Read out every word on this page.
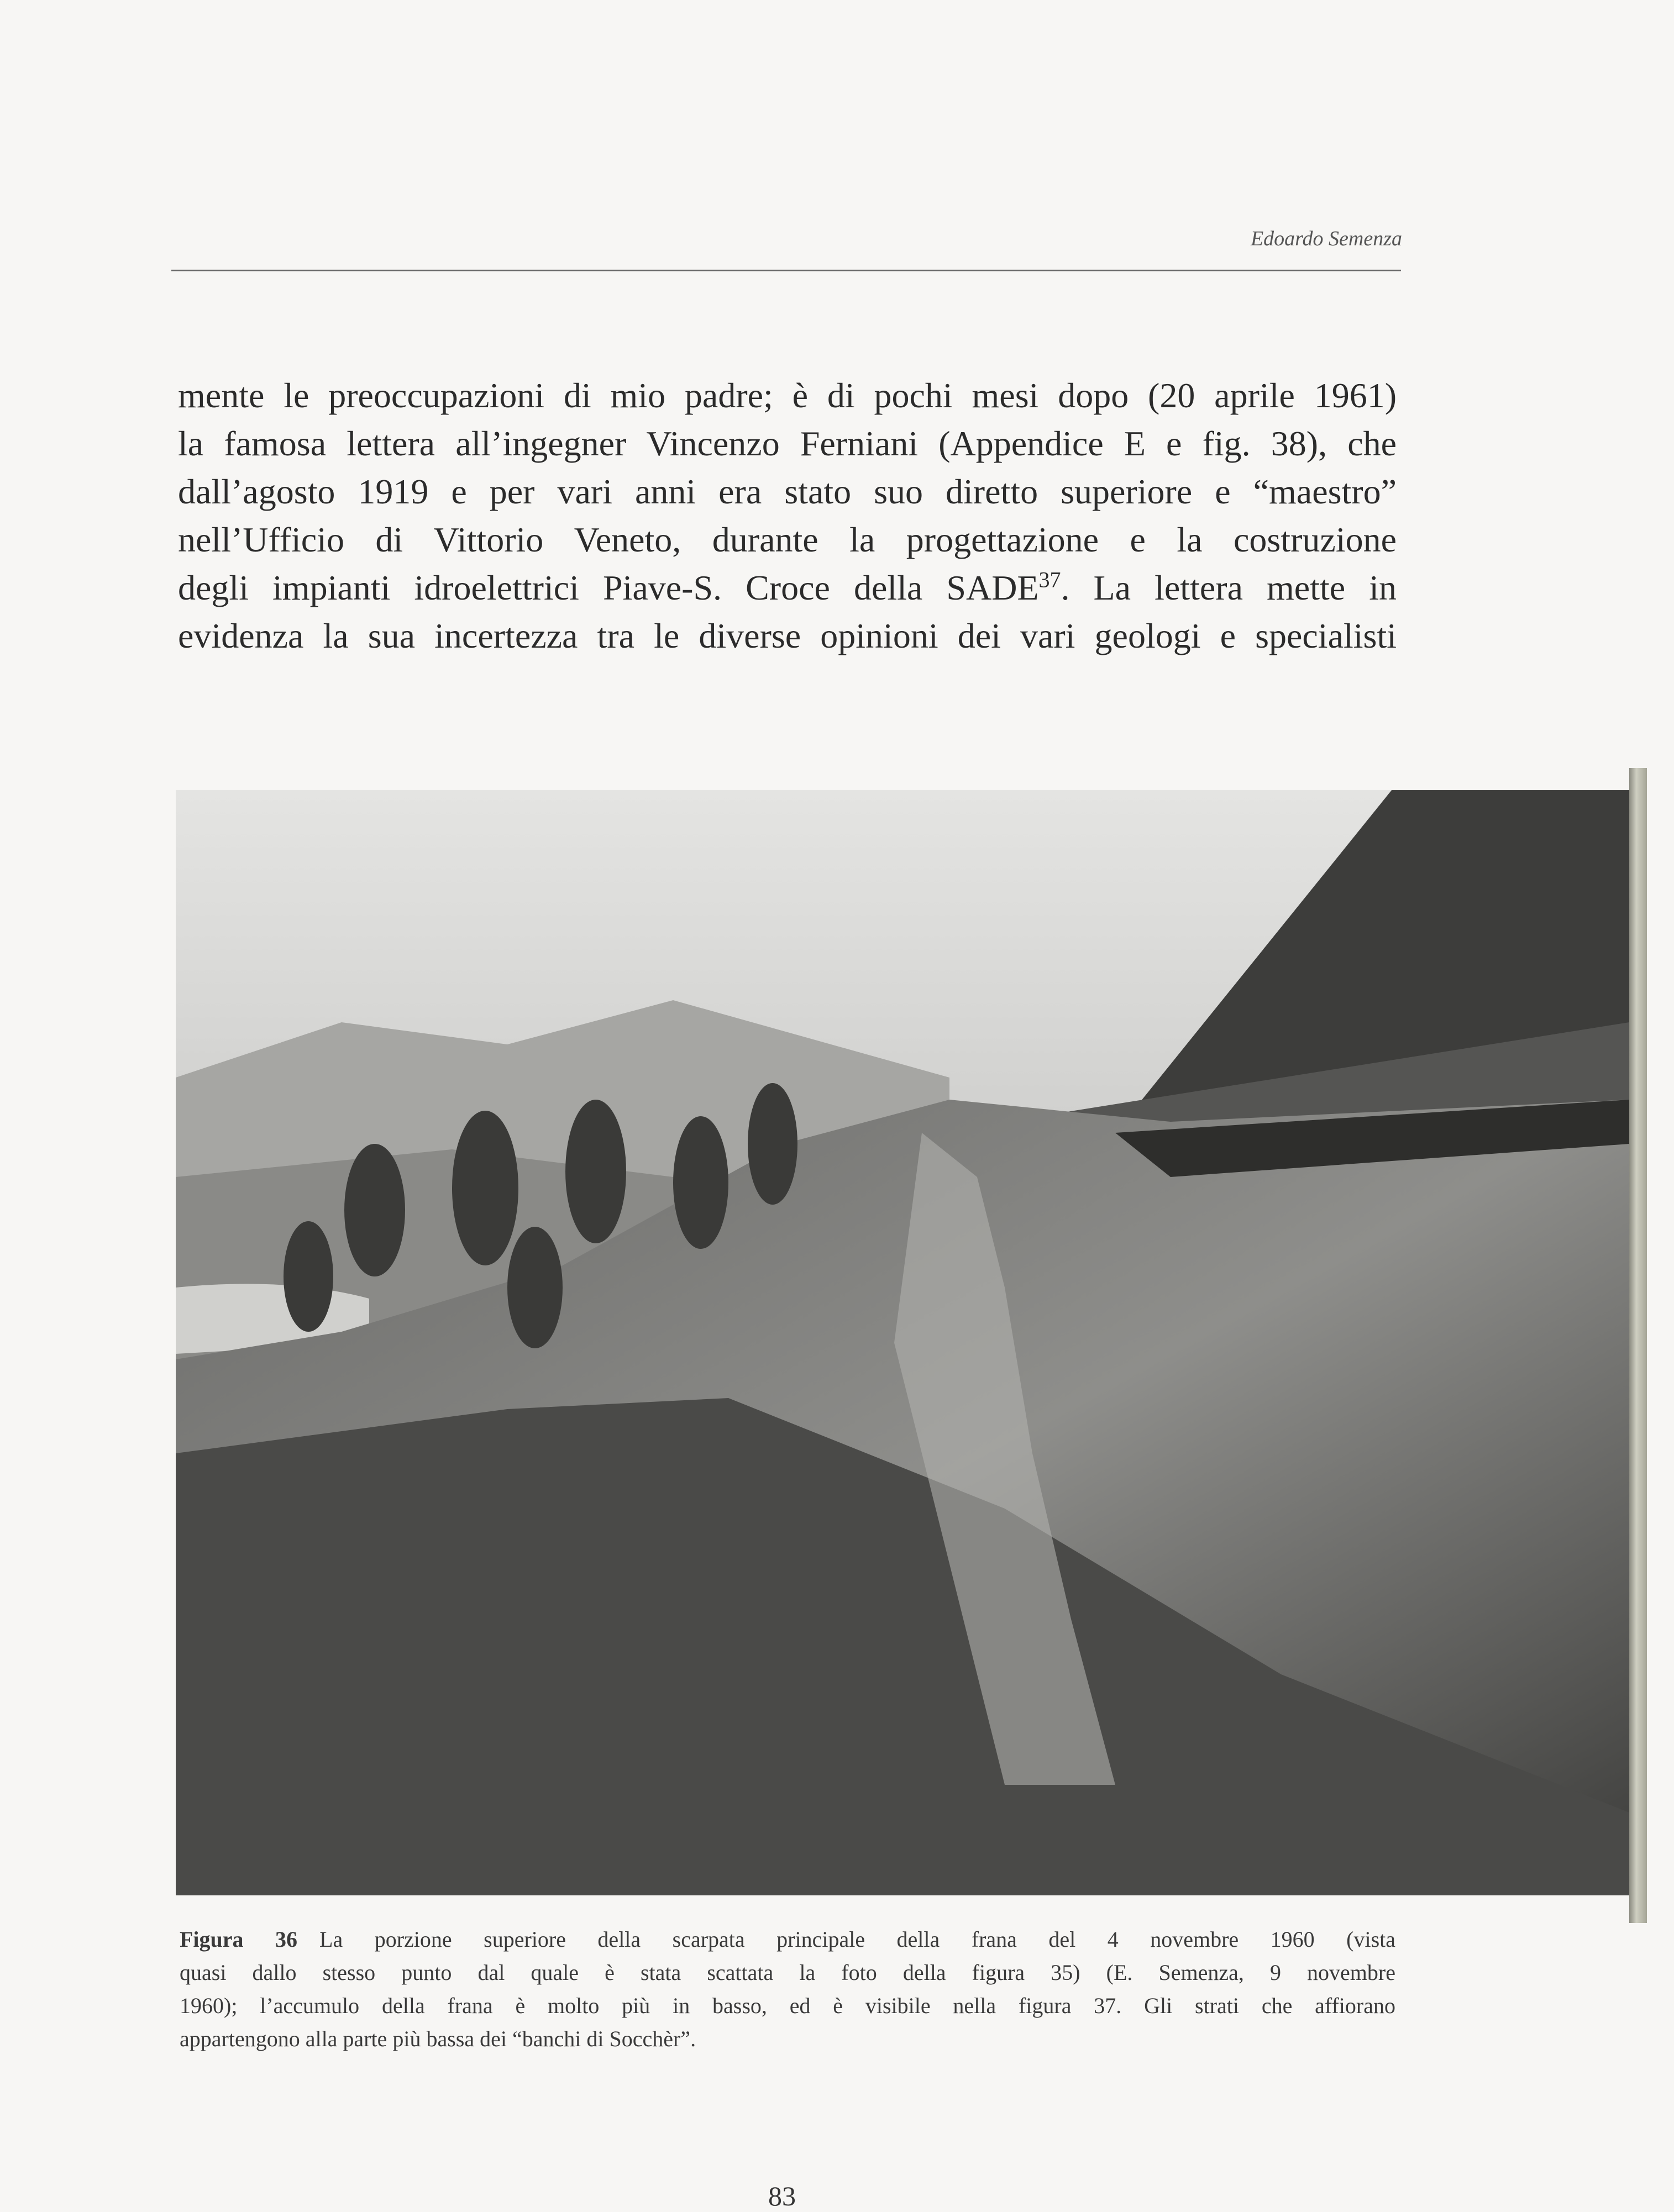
Edoardo Semenza
mente le preoccupazioni di mio padre; è di pochi mesi dopo (20 aprile 1961)
la famosa lettera all’ingegner Vincenzo Ferniani (Appendice E e fig. 38), che
dall’agosto 1919 e per vari anni era stato suo diretto superiore e “maestro”
nell’Ufficio di Vittorio Veneto, durante la progettazione e la costruzione
degli impianti idroelettrici Piave-S. Croce della SADE$^{37}$. La lettera mette in
evidenza la sua incertezza tra le diverse opinioni dei vari geologi e specialisti
Figura 36 La porzione superiore della scarpata principale della frana del 4 novembre 1960 (vista
quasi dallo stesso punto dal quale è stata scattata la foto della figura 35) (E. Semenza, 9 novembre
1960); l’accumulo della frana è molto più in basso, ed è visibile nella figura 37. Gli strati che affiorano
appartengono alla parte più bassa dei “banchi di Socchèr”.
83
